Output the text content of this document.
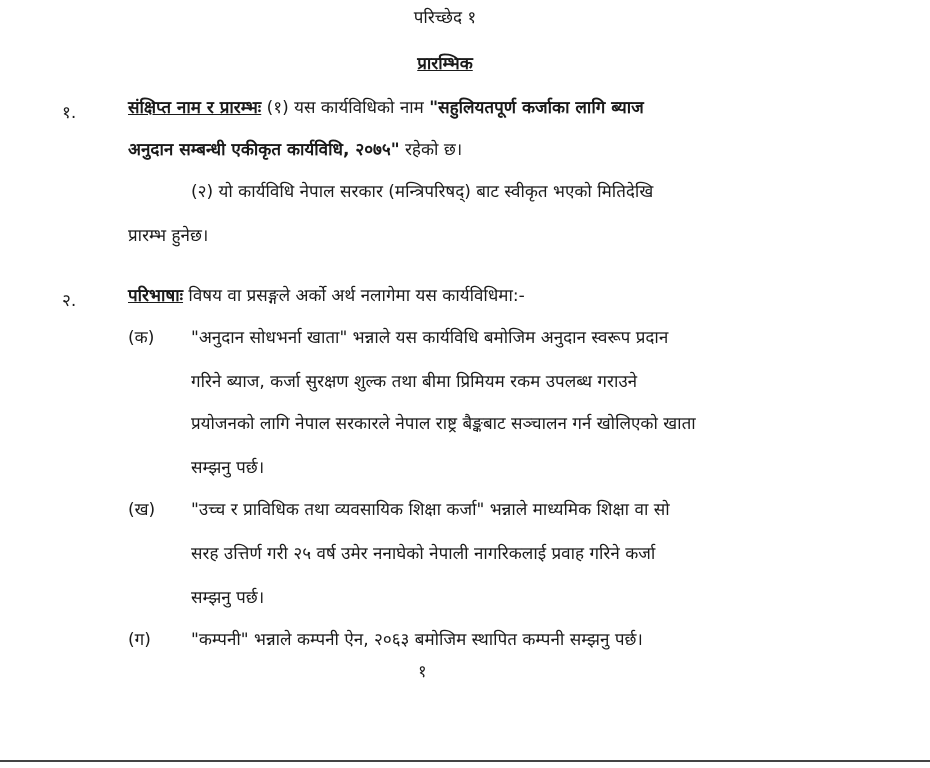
परिच्छेद १
प्रारम्भिक
१.	संक्षिप्त नाम र प्रारम्भः (१) यस कार्यविधिको नाम "सहुलियतपूर्ण कर्जाका लागि ब्याज
अनुदान सम्बन्धी एकीकृत कार्यविधि, २०७५" रहेको छ।
(२) यो कार्यविधि नेपाल सरकार (मन्त्रिपरिषद्) बाट स्वीकृत भएको मितिदेखि
प्रारम्भ हुनेछ।
२.	परिभाषाः विषय वा प्रसङ्गले अर्को अर्थ नलागेमा यस कार्यविधिमा:-
(क) "अनुदान सोधभर्ना खाता" भन्नाले यस कार्यविधि बमोजिम अनुदान स्वरूप प्रदान
गरिने ब्याज, कर्जा सुरक्षण शुल्क तथा बीमा प्रिमियम रकम उपलब्ध गराउने
प्रयोजनको लागि नेपाल सरकारले नेपाल राष्ट्र बैङ्कबाट सञ्चालन गर्न खोलिएको खाता
सम्झनु पर्छ।
(ख) "उच्च र प्राविधिक तथा व्यवसायिक शिक्षा कर्जा" भन्नाले माध्यमिक शिक्षा वा सो
सरह उत्तिर्ण गरी २५ वर्ष उमेर ननाघेको नेपाली नागरिकलाई प्रवाह गरिने कर्जा
सम्झनु पर्छ।
(ग) "कम्पनी" भन्नाले कम्पनी ऐन, २०६३ बमोजिम स्थापित कम्पनी सम्झनु पर्छ।
१
